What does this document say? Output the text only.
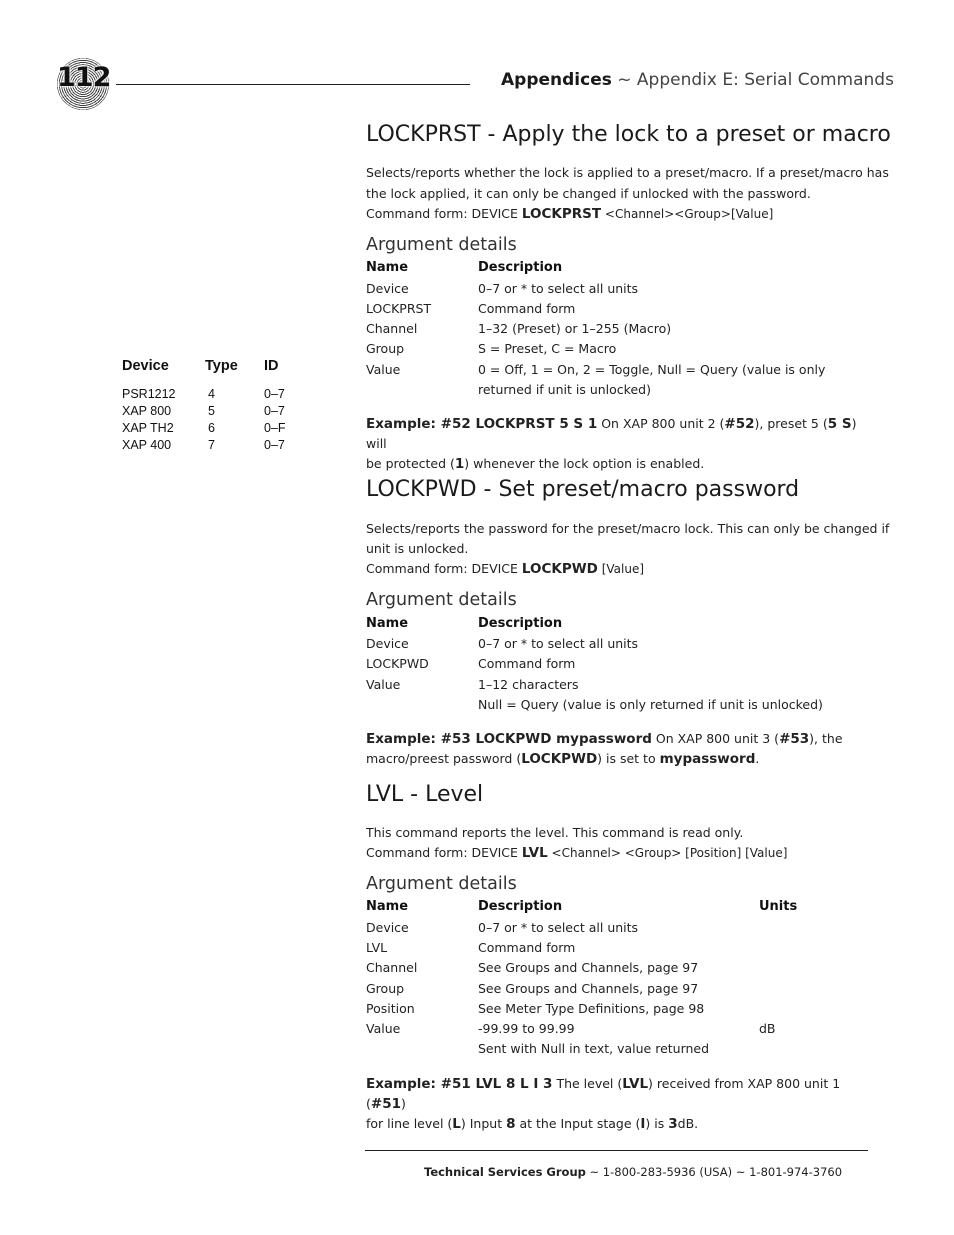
112	Appendices ~ Appendix E: Serial Commands
Device Type ID
PSR1212	4	0–7
XAP 800	5	0–7
XAP TH2	6	0–F
XAP 400	7	0–7
LOCKPRST - Apply the lock to a preset or macro
Selects/reports whether the lock is applied to a preset/macro. If a preset/macro has
the lock applied, it can only be changed if unlocked with the password.
Command form: DEVICE LOCKPRST <Channel><Group>[Value]
Argument details
Name	Description
Device	0–7 or * to select all units
LOCKPRST	Command form
Channel	1–32 (Preset) or 1–255 (Macro)
Group	S = Preset, C = Macro
Value	0 = Off, 1 = On, 2 = Toggle, Null = Query (value is only
returned if unit is unlocked)
Example: #52 LOCKPRST 5 S 1 On XAP 800 unit 2 (#52), preset 5 (5 S) will
be protected (1) whenever the lock option is enabled.
LOCKPWD - Set preset/macro password
Selects/reports the password for the preset/macro lock. This can only be changed if
unit is unlocked.
Command form: DEVICE LOCKPWD [Value]
Argument details
Name	Description
Device	0–7 or * to select all units
LOCKPWD	Command form
Value	1–12 characters
Null = Query (value is only returned if unit is unlocked)
Example: #53 LOCKPWD mypassword On XAP 800 unit 3 (#53), the
macro/preest password (LOCKPWD) is set to mypassword.
LVL - Level
This command reports the level. This command is read only.
Command form: DEVICE LVL <Channel> <Group> [Position] [Value]
Argument details
Name	Description	Units
Device	0–7 or * to select all units
LVL	Command form
Channel	See Groups and Channels, page 97
Group	See Groups and Channels, page 97
Position	See Meter Type Definitions, page 98
Value	-99.99 to 99.99	dB
Sent with Null in text, value returned
Example: #51 LVL 8 L I 3 The level (LVL) received from XAP 800 unit 1 (#51)
for line level (L) Input 8 at the Input stage (I) is 3dB.
Technical Services Group ~ 1-800-283-5936 (USA) ~ 1-801-974-3760
